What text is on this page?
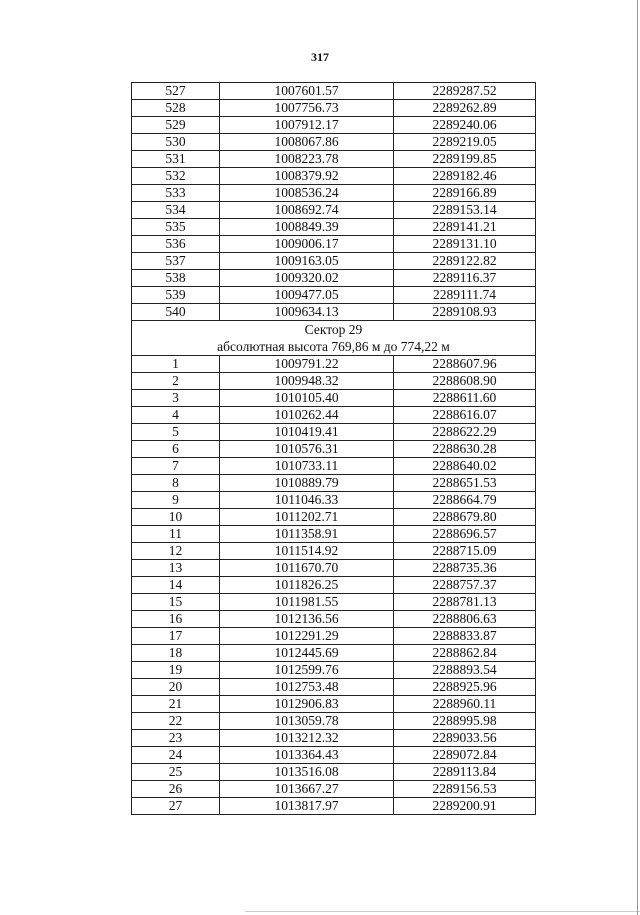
317
527	1007601.57	2289287.52
528	1007756.73	2289262.89
529	1007912.17	2289240.06
530	1008067.86	2289219.05
531	1008223.78	2289199.85
532	1008379.92	2289182.46
533	1008536.24	2289166.89
534	1008692.74	2289153.14
535	1008849.39	2289141.21
536	1009006.17	2289131.10
537	1009163.05	2289122.82
538	1009320.02	2289116.37
539	1009477.05	2289111.74
540	1009634.13	2289108.93

Сектор 29
абсолютная высота 769,86 м до 774,22 м		

1	1009791.22	2288607.96
2	1009948.32	2288608.90
3	1010105.40	2288611.60
4	1010262.44	2288616.07
5	1010419.41	2288622.29
6	1010576.31	2288630.28
7	1010733.11	2288640.02
8	1010889.79	2288651.53
9	1011046.33	2288664.79
10	1011202.71	2288679.80
11	1011358.91	2288696.57
12	1011514.92	2288715.09
13	1011670.70	2288735.36
14	1011826.25	2288757.37
15	1011981.55	2288781.13
16	1012136.56	2288806.63
17	1012291.29	2288833.87
18	1012445.69	2288862.84
19	1012599.76	2288893.54
20	1012753.48	2288925.96
21	1012906.83	2288960.11
22	1013059.78	2288995.98
23	1013212.32	2289033.56
24	1013364.43	2289072.84
25	1013516.08	2289113.84
26	1013667.27	2289156.53
27	1013817.97	2289200.91
